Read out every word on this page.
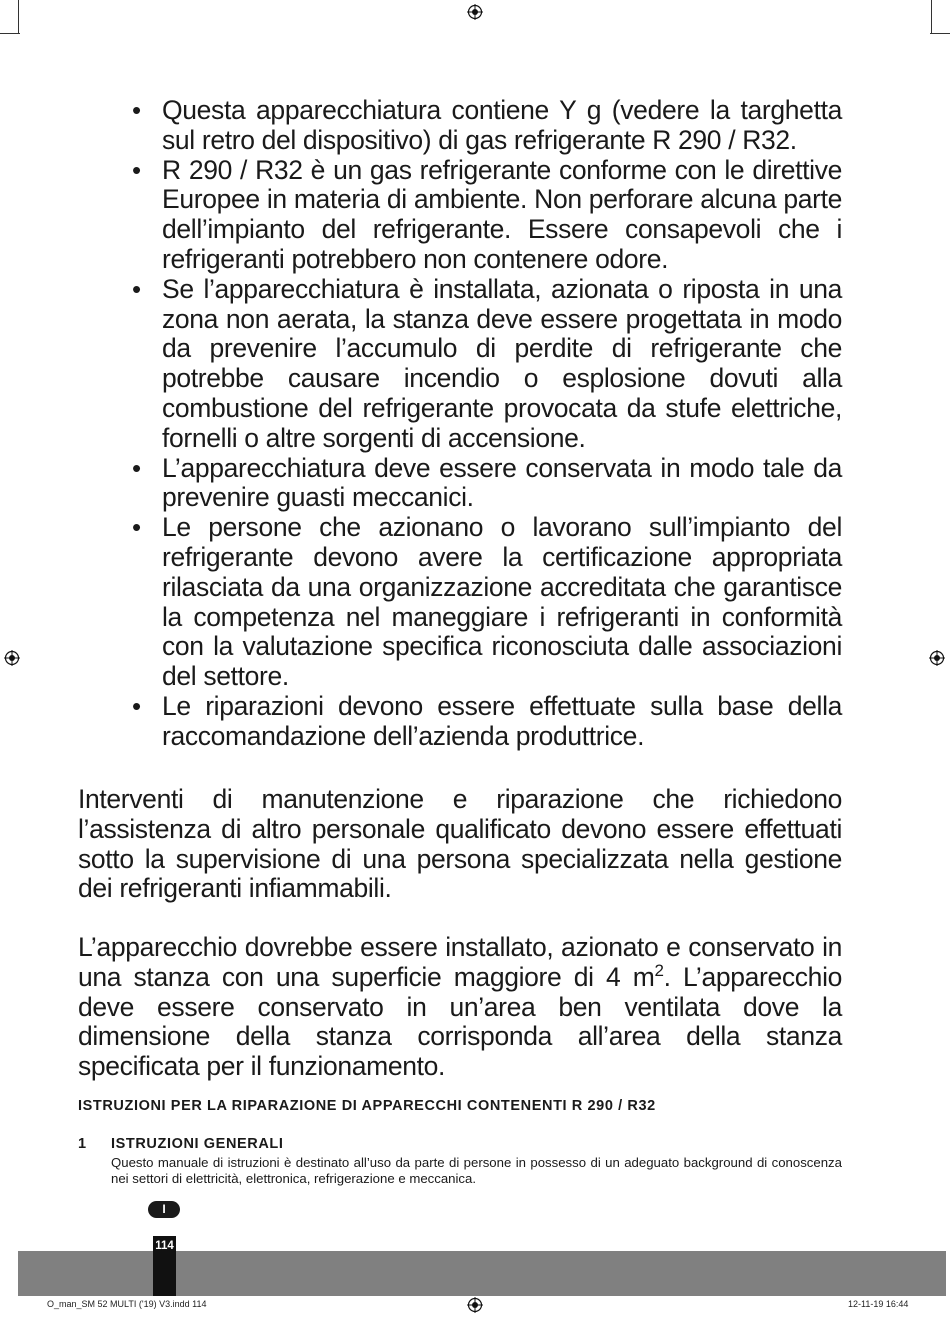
• Questa apparecchiatura contiene Y g (vedere la targhetta sul retro del dispositivo) di gas refrigerante R 290 / R32.
• R 290 / R32 è un gas refrigerante conforme con le direttive Europee in materia di ambiente. Non perforare alcuna parte dell’impianto del refrigerante. Essere consapevoli che i refrigeranti potrebbero non contenere odore.
• Se l’apparecchiatura è installata, azionata o riposta in una zona non aerata, la stanza deve essere progettata in modo da prevenire l’accumulo di perdite di refrigerante che potrebbe causare incendio o esplosione dovuti alla combustione del refrigerante provocata da stufe elettriche, fornelli o altre sorgenti di accensione.
• L’apparecchiatura deve essere conservata in modo tale da prevenire guasti meccanici.
• Le persone che azionano o lavorano sull’impianto del refrigerante devono avere la certificazione appropriata rilasciata da una organizzazione accreditata che garantisce la competenza nel maneggiare i refrigeranti in conformità con la valutazione specifica riconosciuta dalle associazioni del settore.
• Le riparazioni devono essere effettuate sulla base della raccomandazione dell’azienda produttrice.
Interventi di manutenzione e riparazione che richiedono l’assistenza di altro personale qualificato devono essere effettuati sotto la supervisione di una persona specializzata nella gestione dei refrigeranti infiammabili.
L’apparecchio dovrebbe essere installato, azionato e conservato in una stanza con una superficie maggiore di 4 $m^2$. L’apparecchio deve essere conservato in un’area ben ventilata dove la dimensione della stanza corrisponda all’area della stanza specificata per il funzionamento.
ISTRUZIONI PER LA RIPARAZIONE DI APPARECCHI CONTENENTI R 290 / R32
1 ISTRUZIONI GENERALI
Questo manuale di istruzioni è destinato all’uso da parte di persone in possesso di un adeguato background di conoscenza nei settori di elettricità, elettronica, refrigerazione e meccanica.
I
114
O_man_SM 52 MULTI ('19) V3.indd 114	12-11-19 16:44
